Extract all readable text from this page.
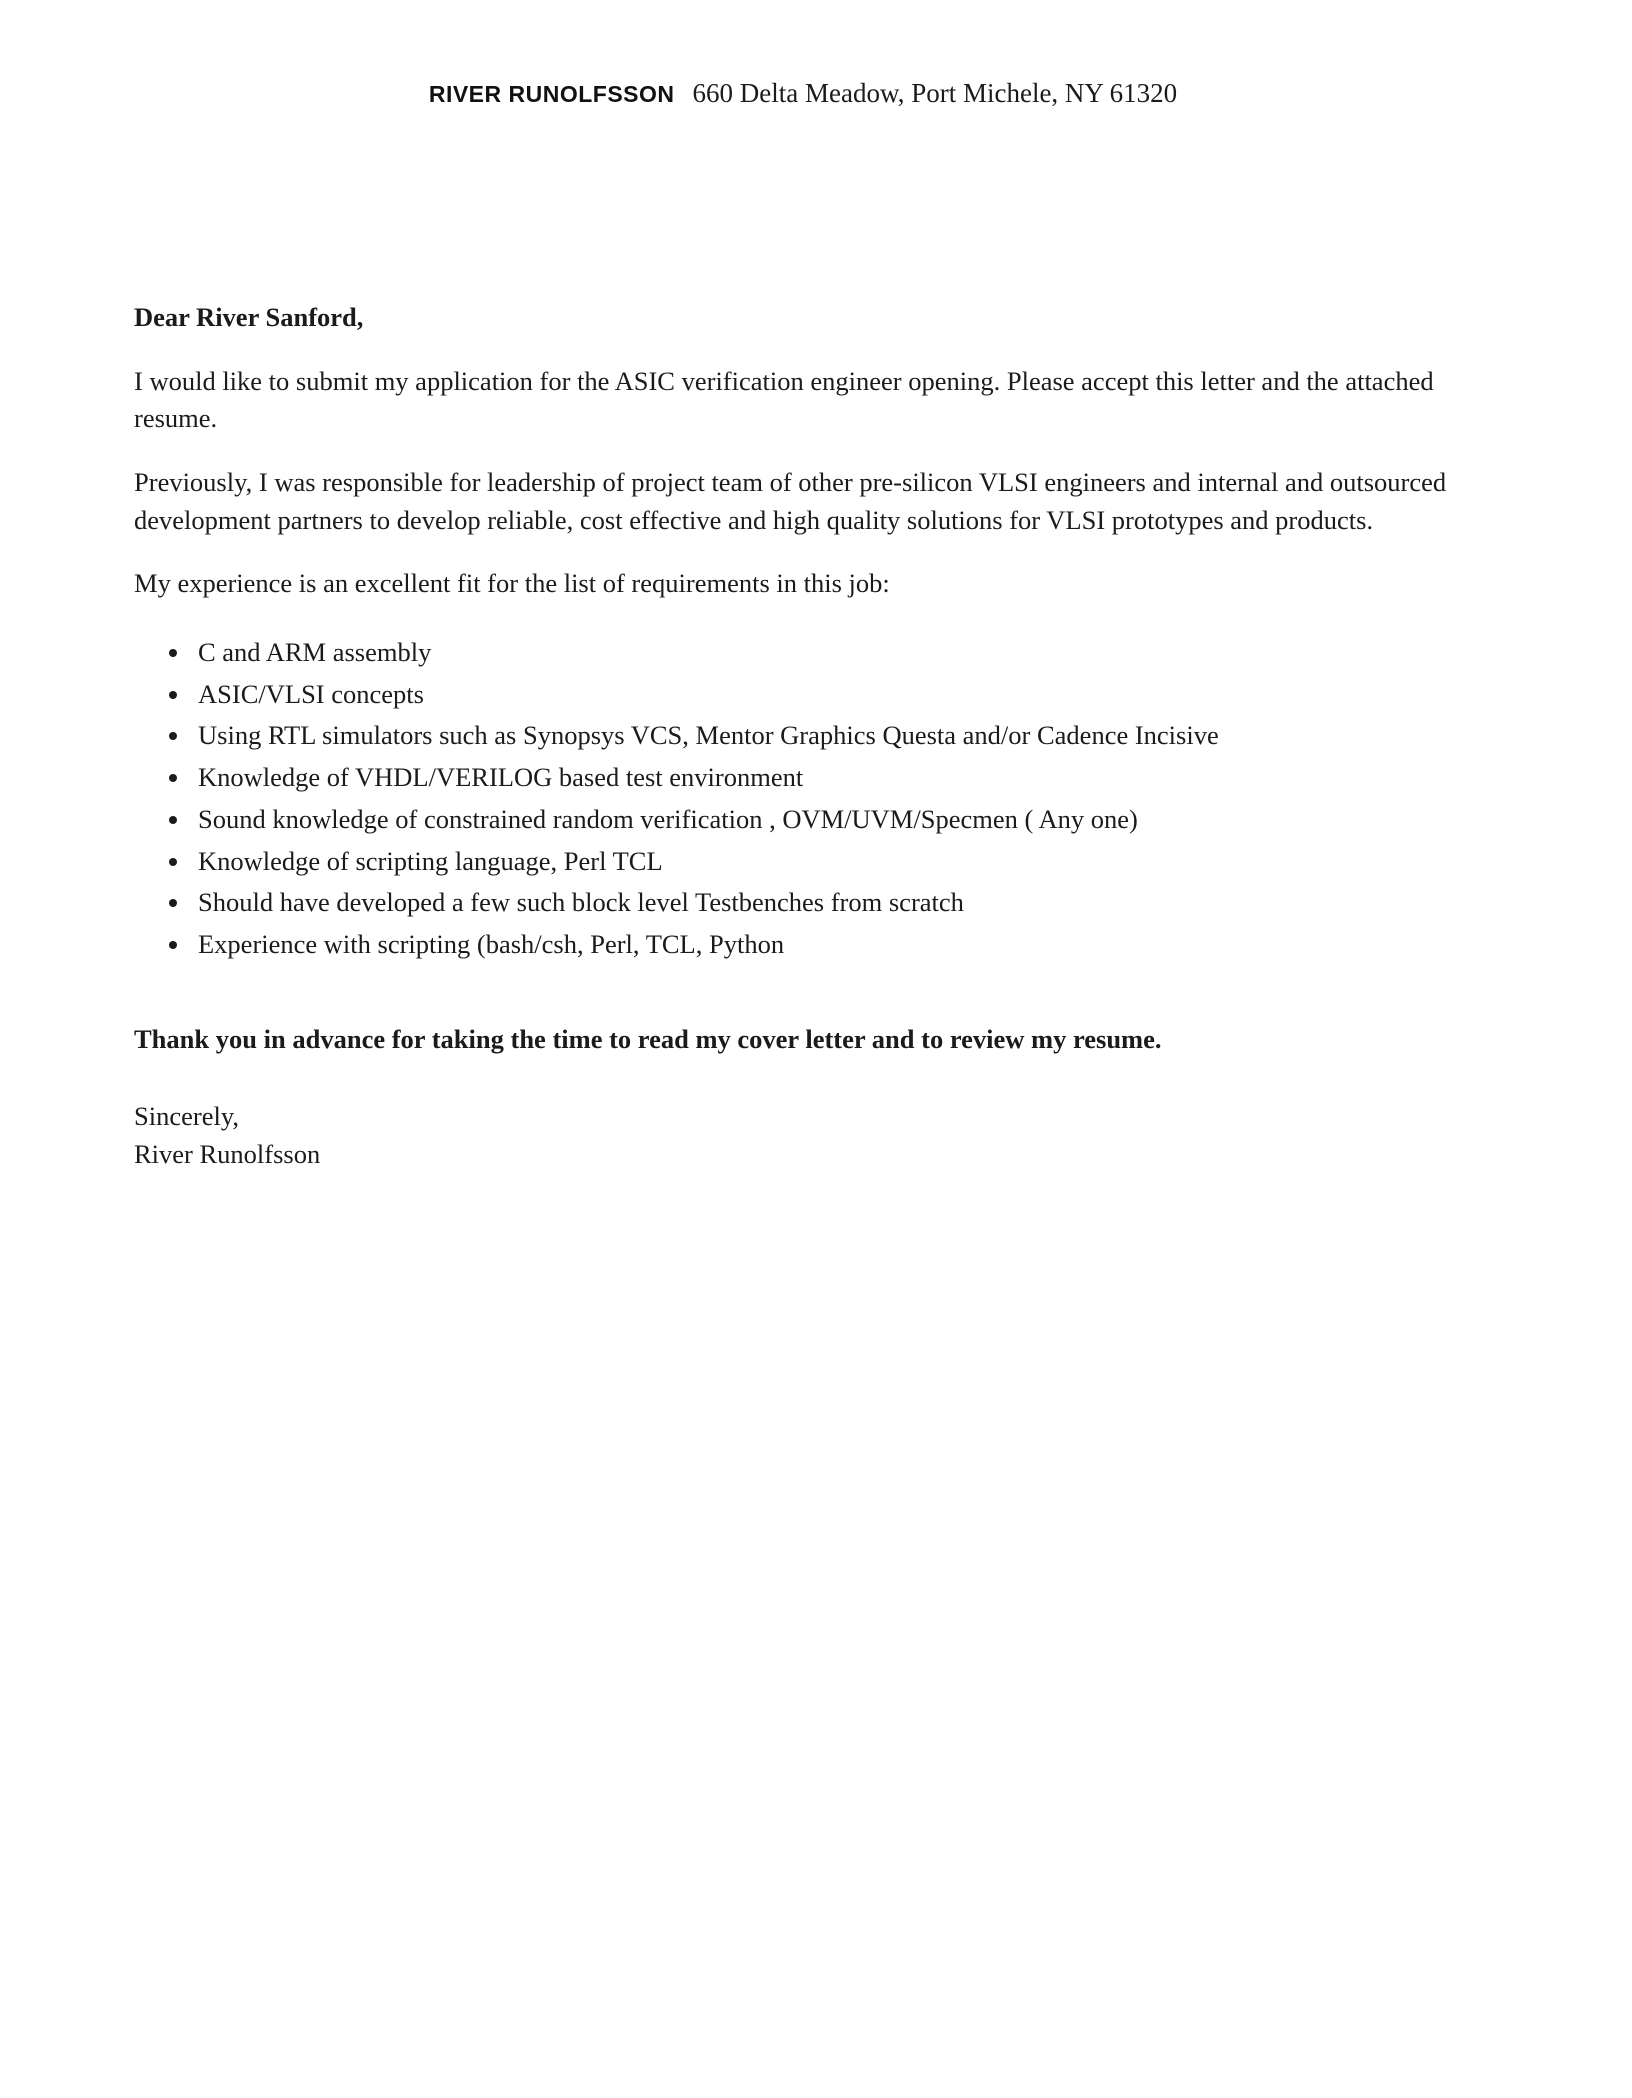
RIVER RUNOLFSSON 660 Delta Meadow, Port Michele, NY 61320

Dear River Sanford,

I would like to submit my application for the ASIC verification engineer opening. Please accept this letter and the attached resume.

Previously, I was responsible for leadership of project team of other pre-silicon VLSI engineers and internal and outsourced development partners to develop reliable, cost effective and high quality solutions for VLSI prototypes and products.

My experience is an excellent fit for the list of requirements in this job:

• C and ARM assembly
• ASIC/VLSI concepts
• Using RTL simulators such as Synopsys VCS, Mentor Graphics Questa and/or Cadence Incisive
• Knowledge of VHDL/VERILOG based test environment
• Sound knowledge of constrained random verification , OVM/UVM/Specmen ( Any one)
• Knowledge of scripting language, Perl TCL
• Should have developed a few such block level Testbenches from scratch
• Experience with scripting (bash/csh, Perl, TCL, Python

Thank you in advance for taking the time to read my cover letter and to review my resume.

Sincerely,
River Runolfsson
